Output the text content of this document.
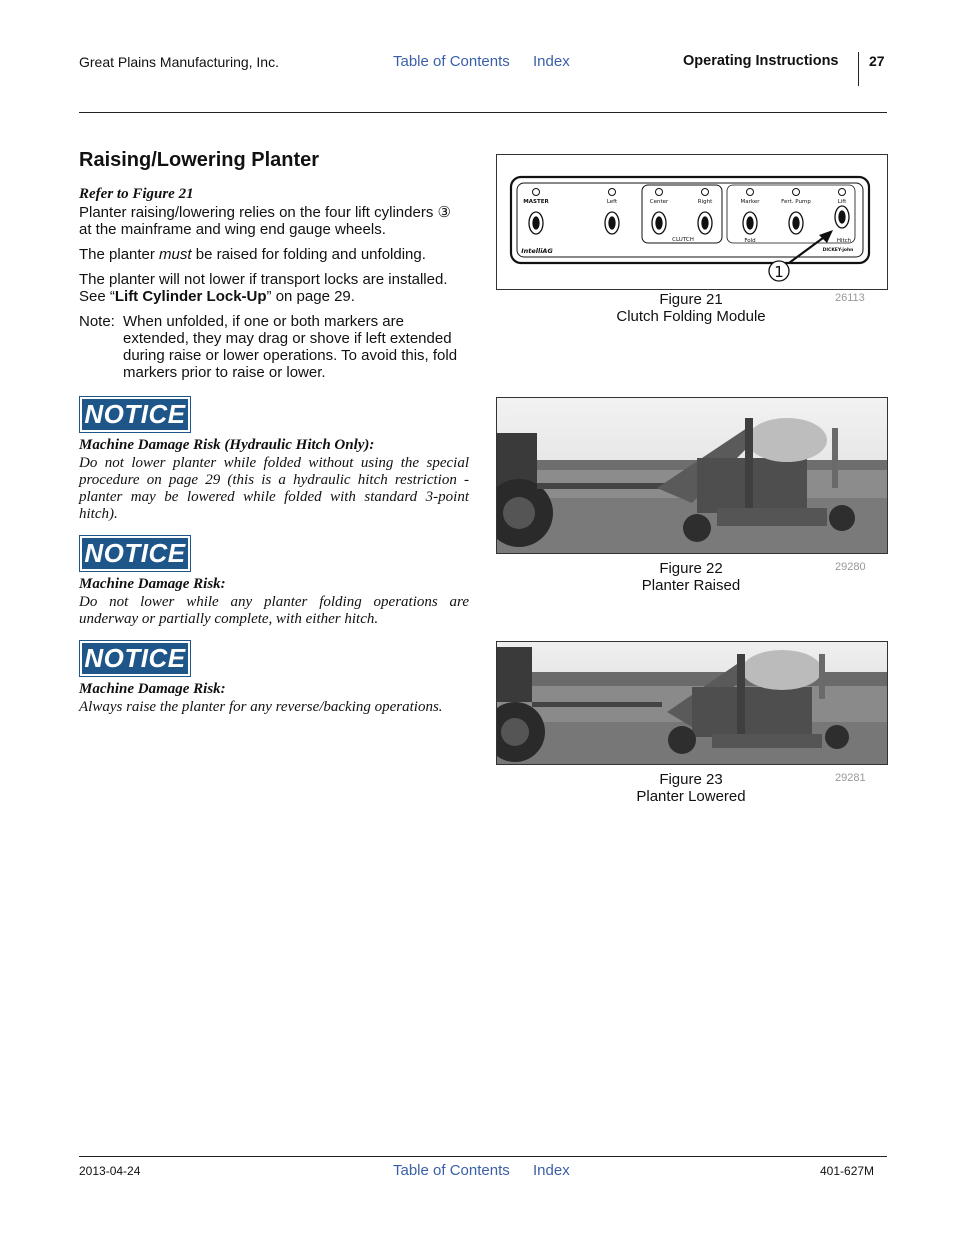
Great Plains Manufacturing, Inc.	Table of Contents Index	Operating Instructions 27
Raising/Lowering Planter
Refer to Figure 21
Planter raising/lowering relies on the four lift cylinders ③
at the mainframe and wing end gauge wheels.
The planter must be raised for folding and unfolding.
The planter will not lower if transport locks are installed.
See “Lift Cylinder Lock-Up” on page 29.
Note: When unfolded, if one or both markers are
extended, they may drag or shove if left extended
during raise or lower operations. To avoid this, fold
markers prior to raise or lower.
NOTICE
Machine Damage Risk (Hydraulic Hitch Only):
Do not lower planter while folded without using the special
procedure on page 29 (this is a hydraulic hitch restriction -
planter may be lowered while folded with standard 3-point
hitch).
NOTICE
Machine Damage Risk:
Do not lower while any planter folding operations are
underway or partially complete, with either hitch.
NOTICE
Machine Damage Risk:
Always raise the planter for any reverse/backing operations.
MASTER	Left	Center	Right	Marker	Fert. Pump	Lift
CLUTCH	Fold	Hitch
IntelliAG	DICKEY-john
1
Figure 21
Clutch Folding Module
26113
Figure 22
Planter Raised
29280
Figure 23
Planter Lowered
29281
2013-04-24	Table of Contents Index	401-627M
